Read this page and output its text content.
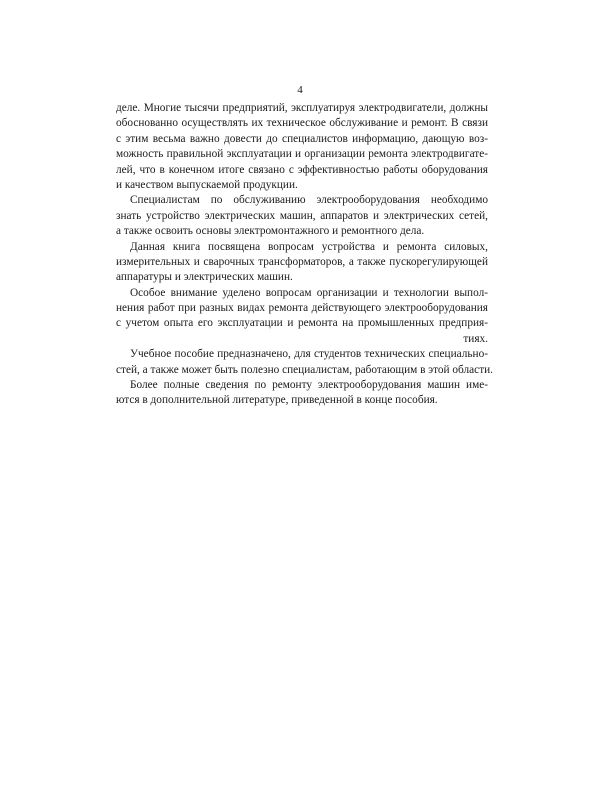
4
деле. Многие тысячи предприятий, эксплуатируя электродвигатели, должны
обоснованно осуществлять их техническое обслуживание и ремонт. В связи
с этим весьма важно довести до специалистов информацию, дающую воз-
можность правильной эксплуатации и организации ремонта электродвигате-
лей, что в конечном итоге связано с эффективностью работы оборудования
и качеством выпускаемой продукции.
Специалистам по обслуживанию электрооборудования необходимо
знать устройство электрических машин, аппаратов и электрических сетей,
а также освоить основы электромонтажного и ремонтного дела.
Данная книга посвящена вопросам устройства и ремонта силовых,
измерительных и сварочных трансформаторов, а также пускорегулирующей
аппаратуры и электрических машин.
Особое внимание уделено вопросам организации и технологии выпол-
нения работ при разных видах ремонта действующего электрооборудования
с учетом опыта его эксплуатации и ремонта на промышленных предприя-
тиях.
Учебное пособие предназначено, для студентов технических специально-
стей, а также может быть полезно специалистам, работающим в этой области.
Более полные сведения по ремонту электрооборудования машин име-
ются в дополнительной литературе, приведенной в конце пособия.
